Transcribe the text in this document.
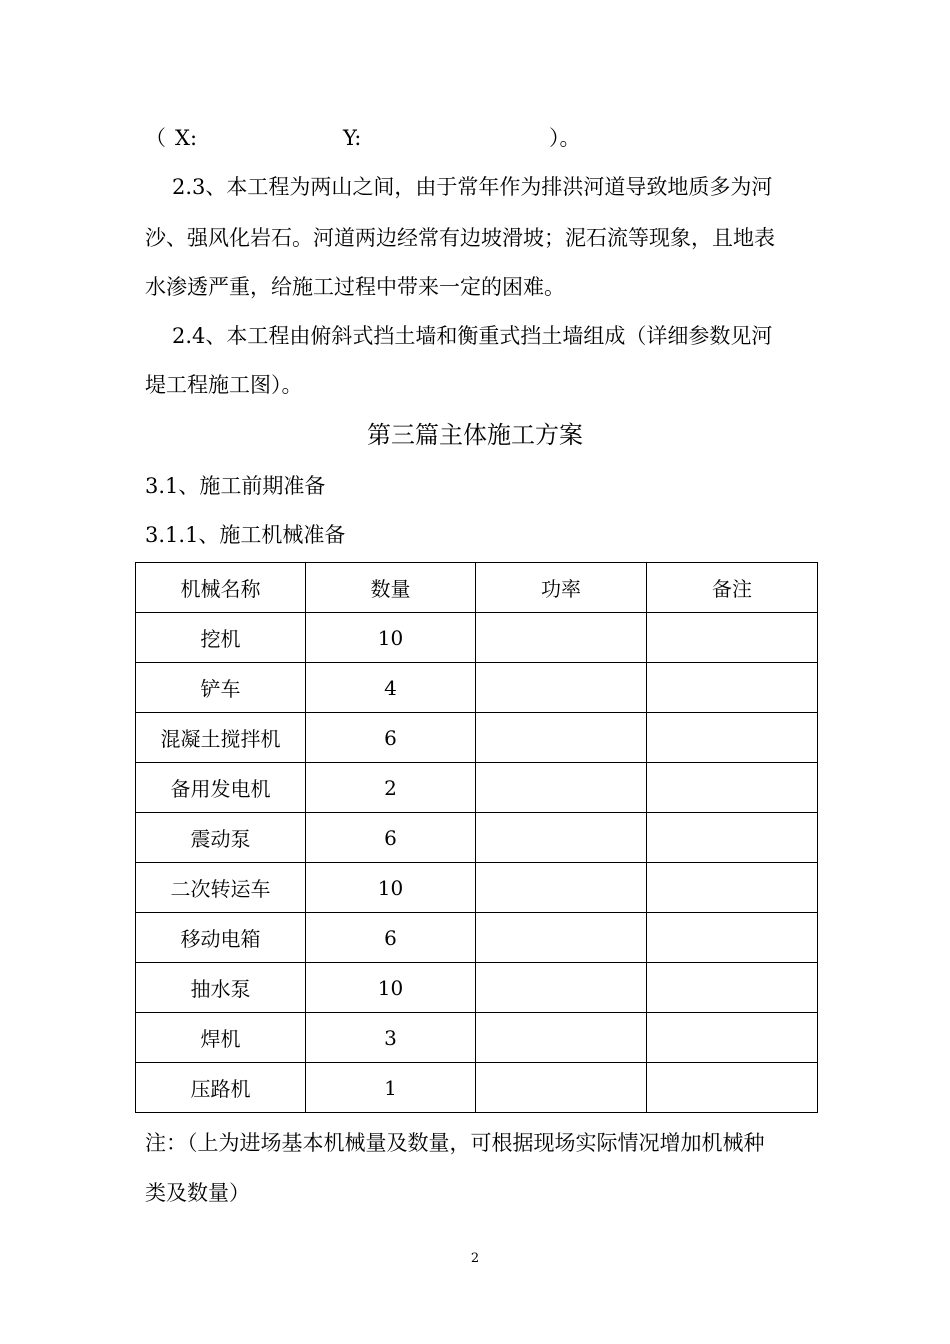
（ X:	Y:	）。
2.3、本工程为两山之间，由于常年作为排洪河道导致地质多为河
沙、强风化岩石。河道两边经常有边坡滑坡；泥石流等现象，且地表
水渗透严重，给施工过程中带来一定的困难。
2.4、本工程由俯斜式挡土墙和衡重式挡土墙组成（详细参数见河
堤工程施工图）。
第三篇主体施工方案
3.1、施工前期准备
3.1.1、施工机械准备
机械名称	数量	功率	备注
挖机	10		
铲车	4		
混凝土搅拌机	6		
备用发电机	2		
震动泵	6		
二次转运车	10		
移动电箱	6		
抽水泵	10		
焊机	3		
压路机	1		
注：（上为进场基本机械量及数量，可根据现场实际情况增加机械种
类及数量）
2
